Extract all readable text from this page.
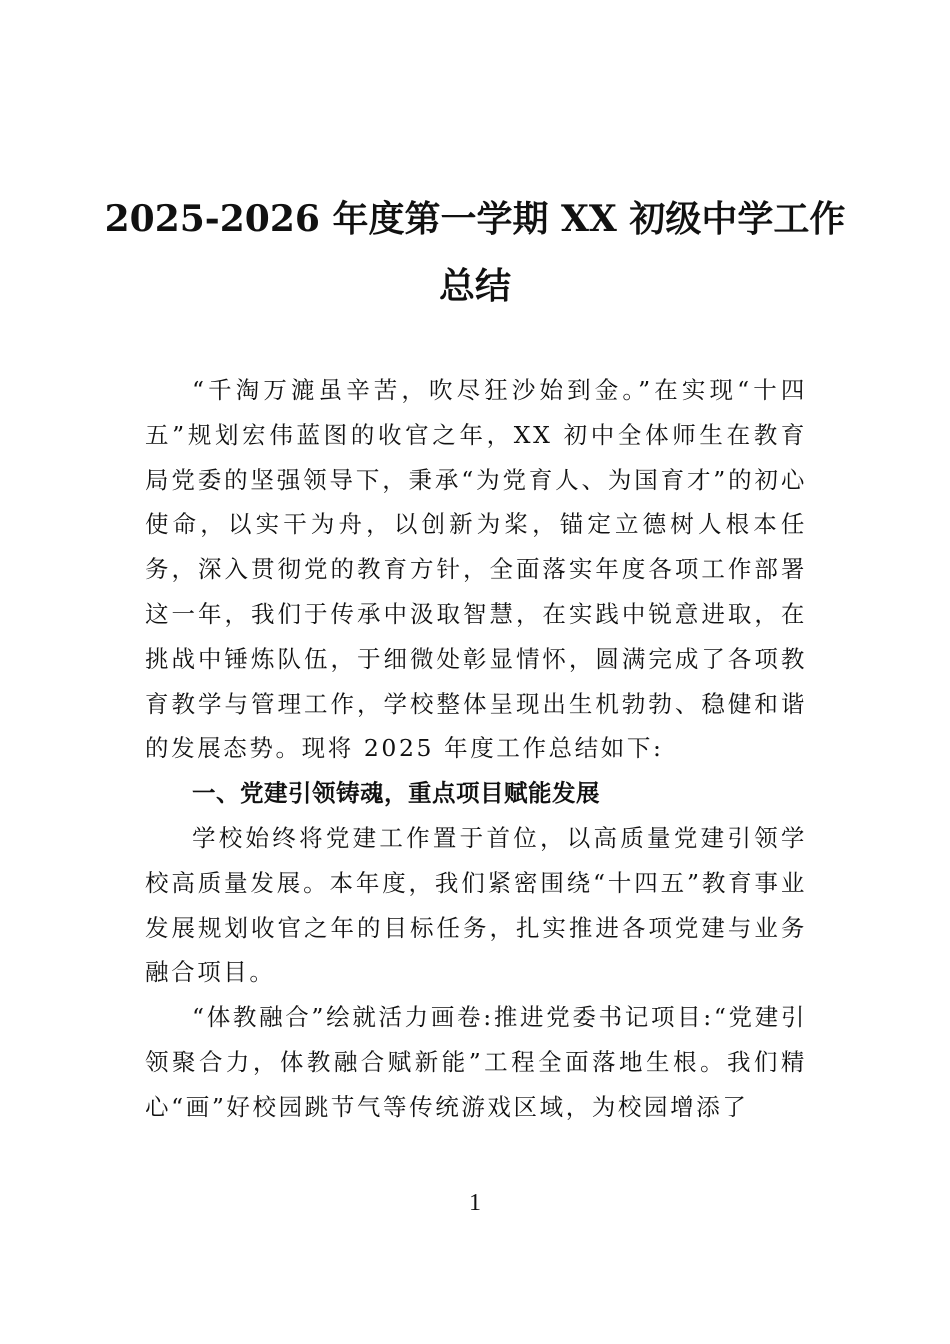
2025-2026 年度第一学期 XX 初级中学工作
总结

“千淘万漉虽辛苦，吹尽狂沙始到金。”在实现“十四五”规划宏伟蓝图的收官之年，XX 初中全体师生在教育局党委的坚强领导下，秉承“为党育人、为国育才”的初心使命，以实干为舟，以创新为桨，锚定立德树人根本任务，深入贯彻党的教育方针，全面落实年度各项工作部署这一年，我们于传承中汲取智慧，在实践中锐意进取，在挑战中锤炼队伍，于细微处彰显情怀，圆满完成了各项教育教学与管理工作，学校整体呈现出生机勃勃、稳健和谐的发展态势。现将 2025 年度工作总结如下:

一、党建引领铸魂，重点项目赋能发展

学校始终将党建工作置于首位，以高质量党建引领学校高质量发展。本年度，我们紧密围绕“十四五”教育事业发展规划收官之年的目标任务，扎实推进各项党建与业务融合项目。

“体教融合”绘就活力画卷:推进党委书记项目:“党建引领聚合力，体教融合赋新能”工程全面落地生根。我们精心“画”好校园跳节气等传统游戏区域，为校园增添了

1
